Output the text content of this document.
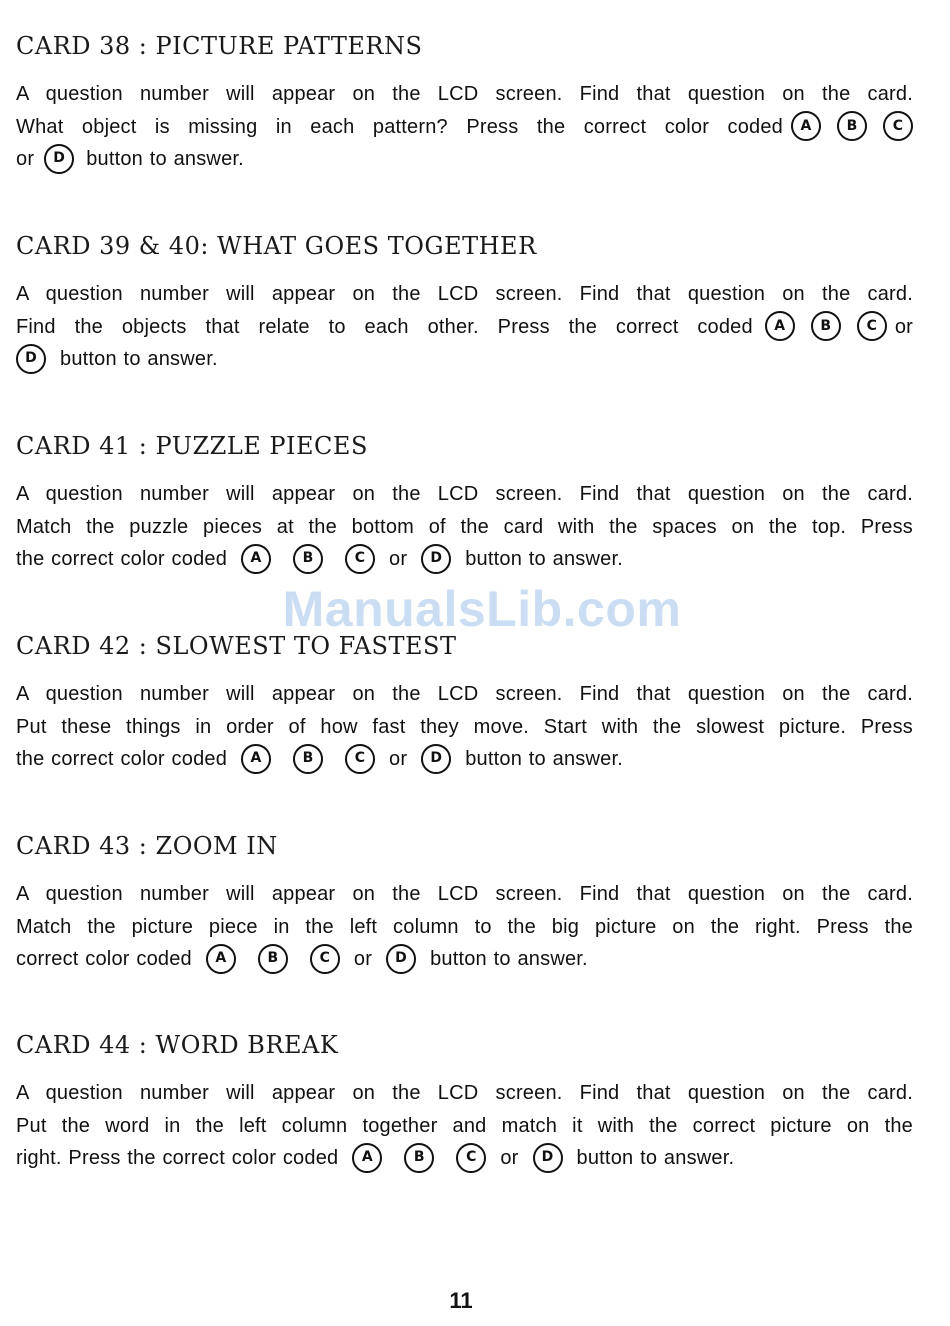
CARD 38 : PICTURE PATTERNS

A question number will appear on the LCD screen. Find that question on the card.
What object is missing in each pattern? Press the correct color coded A	B	C
or D button to answer.

CARD 39 & 40: WHAT GOES TOGETHER

A question number will appear on the LCD screen. Find that question on the card.
Find the objects that relate to each other. Press the correct coded A	B	C or
D button to answer.

CARD 41 : PUZZLE PIECES

A question number will appear on the LCD screen. Find that question on the card.
Match the puzzle pieces at the bottom of the card with the spaces on the top. Press
the correct color coded A	B	C or D button to answer.

CARD 42 : SLOWEST TO FASTEST

A question number will appear on the LCD screen. Find that question on the card.
Put these things in order of how fast they move. Start with the slowest picture. Press
the correct color coded A	B	C or D button to answer.

CARD 43 : ZOOM IN

A question number will appear on the LCD screen. Find that question on the card.
Match the picture piece in the left column to the big picture on the right. Press the
correct color coded A	B	C or D button to answer.

CARD 44 : WORD BREAK

A question number will appear on the LCD screen. Find that question on the card.
Put the word in the left column together and match it with the correct picture on the
right. Press the correct color coded A	B	C or D button to answer.

ManualsLib.com
11
